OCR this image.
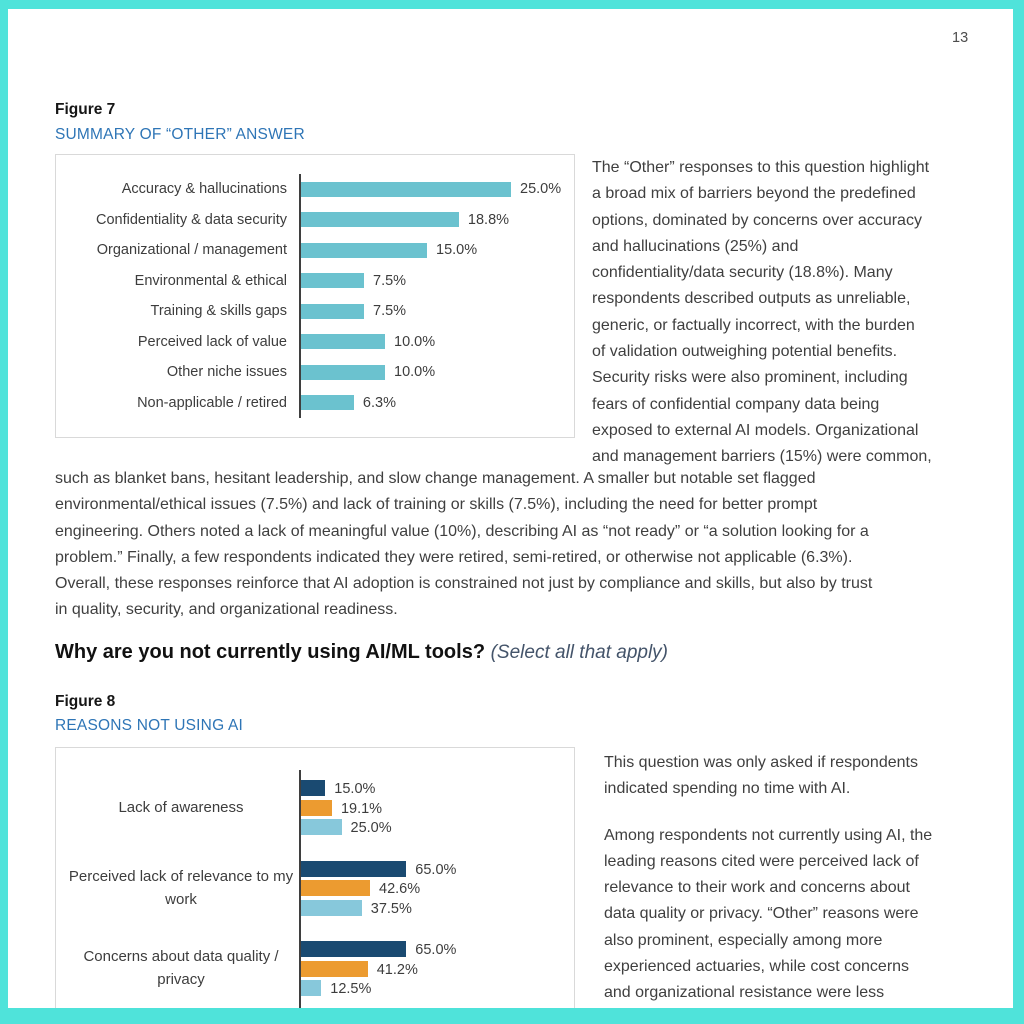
13
Figure 7
SUMMARY OF “OTHER” ANSWER
Accuracy & hallucinations	25.0%
Confidentiality & data security	18.8%
Organizational / management	15.0%
Environmental & ethical	7.5%
Training & skills gaps	7.5%
Perceived lack of value	10.0%
Other niche issues	10.0%
Non-applicable / retired	6.3%
The “Other” responses to this question highlight
a broad mix of barriers beyond the predefined
options, dominated by concerns over accuracy
and hallucinations (25%) and
confidentiality/data security (18.8%). Many
respondents described outputs as unreliable,
generic, or factually incorrect, with the burden
of validation outweighing potential benefits.
Security risks were also prominent, including
fears of confidential company data being
exposed to external AI models. Organizational
and management barriers (15%) were common,
such as blanket bans, hesitant leadership, and slow change management. A smaller but notable set flagged
environmental/ethical issues (7.5%) and lack of training or skills (7.5%), including the need for better prompt
engineering. Others noted a lack of meaningful value (10%), describing AI as “not ready” or “a solution looking for a
problem.” Finally, a few respondents indicated they were retired, semi-retired, or otherwise not applicable (6.3%).
Overall, these responses reinforce that AI adoption is constrained not just by compliance and skills, but also by trust
in quality, security, and organizational readiness.
Why are you not currently using AI/ML tools? (Select all that apply)
Figure 8
REASONS NOT USING AI
Lack of awareness
15.0%
19.1%
25.0%
Perceived lack of relevance to my work
65.0%
42.6%
37.5%
Concerns about data quality / privacy
65.0%
41.2%
12.5%
This question was only asked if respondents
indicated spending no time with AI.
Among respondents not currently using AI, the
leading reasons cited were perceived lack of
relevance to their work and concerns about
data quality or privacy. “Other” reasons were
also prominent, especially among more
experienced actuaries, while cost concerns
and organizational resistance were less
